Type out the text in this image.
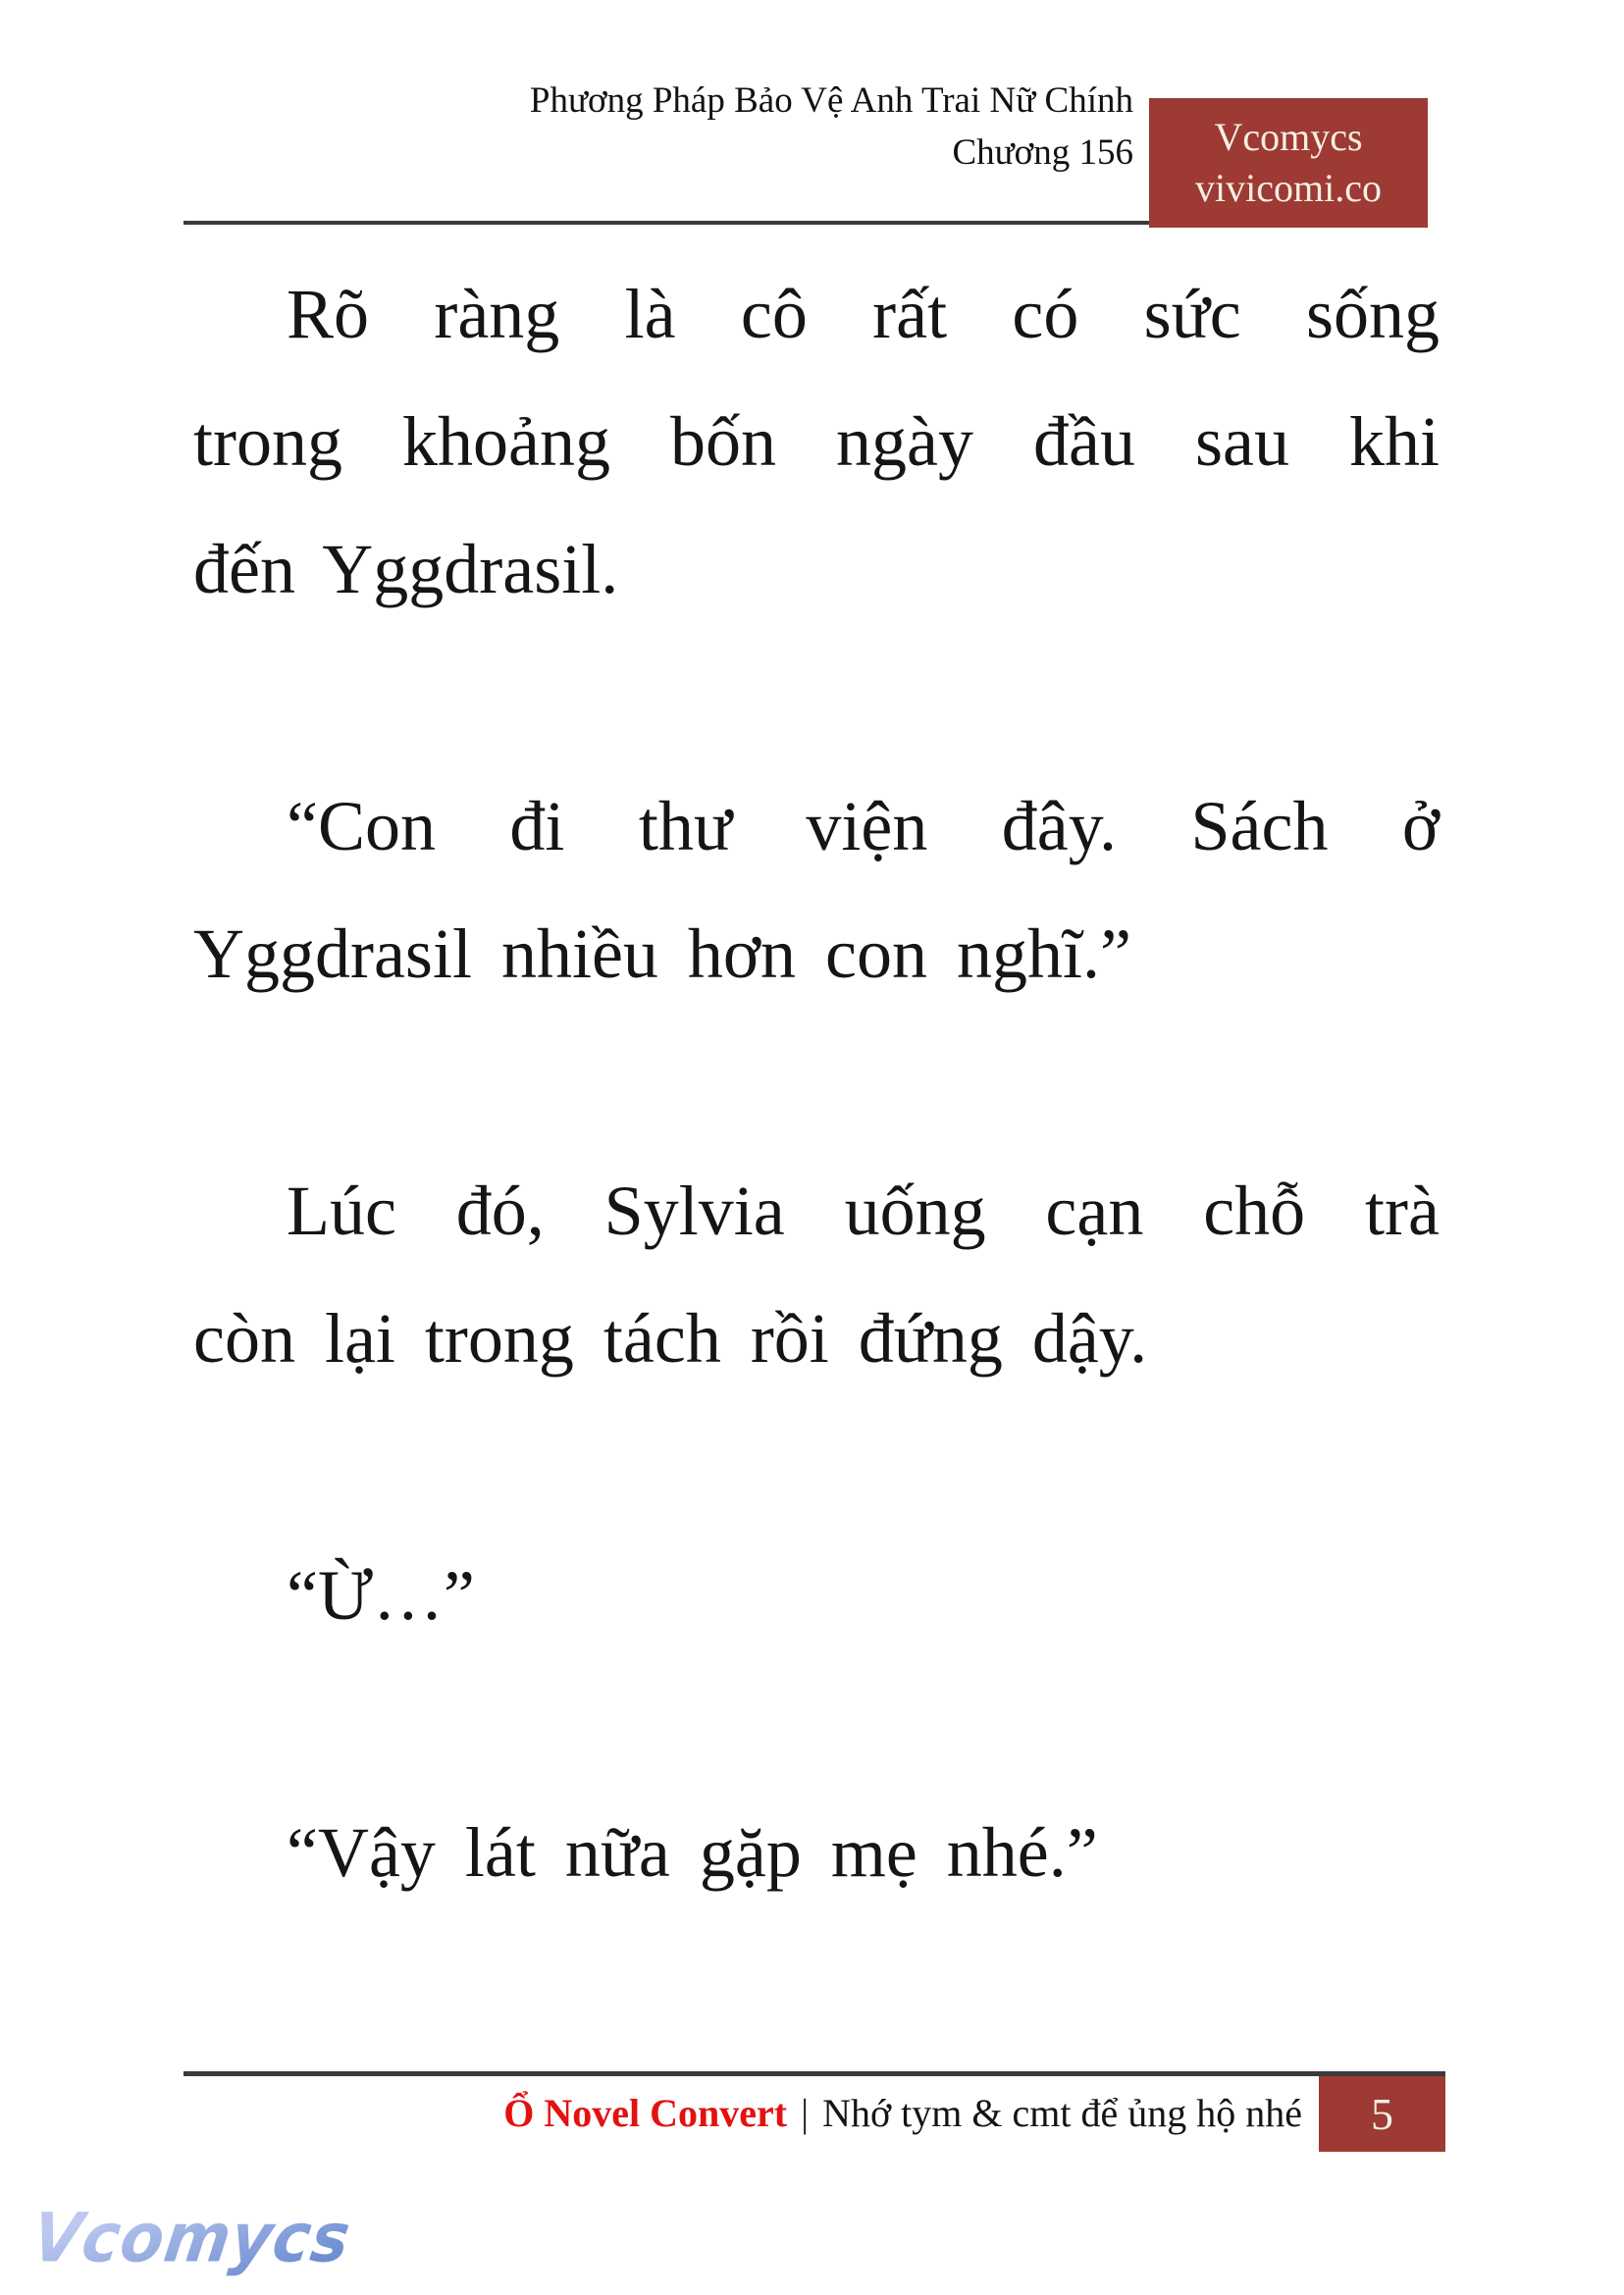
Phương Pháp Bảo Vệ Anh Trai Nữ Chính
Chương 156 Vcomycs
vivicomi.co
Rõ ràng là cô rất có sức sống
trong khoảng bốn ngày đầu sau khi
đến Yggdrasil.
“Con đi thư viện đây. Sách ở
Yggdrasil nhiều hơn con nghĩ.”
Lúc đó, Sylvia uống cạn chỗ trà
còn lại trong tách rồi đứng dậy.
“Ừ…”
“Vậy lát nữa gặp mẹ nhé.”
Ổ Novel Convert | Nhớ tym & cmt để ủng hộ nhé 5
Vcomycs
